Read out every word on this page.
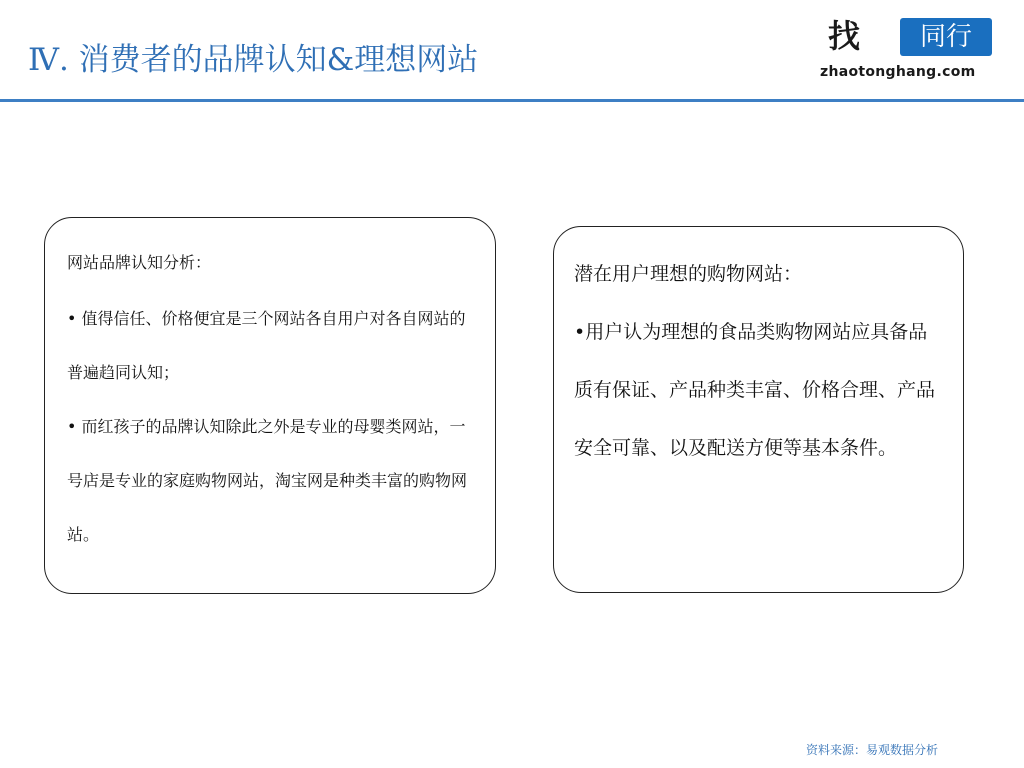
Ⅳ. 消费者的品牌认知&理想网站
找 同行
zhaotonghang.com

网站品牌认知分析：

• 值得信任、价格便宜是三个网站各自用户对各自网站的普遍趋同认知；

• 而红孩子的品牌认知除此之外是专业的母婴类网站，一号店是专业的家庭购物网站，淘宝网是种类丰富的购物网站。

潜在用户理想的购物网站：

•用户认为理想的食品类购物网站应具备品质有保证、产品种类丰富、价格合理、产品安全可靠、以及配送方便等基本条件。

资料来源：易观数据分析
